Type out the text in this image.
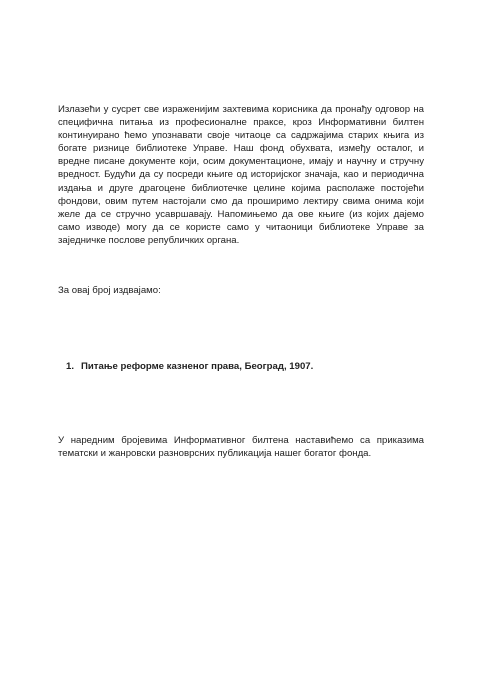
Излазећи у сусрет све израженијим захтевима корисника да пронађу одговор на специфична питања из професионалне праксе, кроз Информативни билтен континуирано ћемо упознавати своје читаоце са садржајима старих књига из богате ризнице библиотеке Управе. Наш фонд обухвата, између осталог, и вредне писане документе који, осим документационе, имају и научну и стручну вредност. Будући да су посреди књиге од историјског значаја, као и периодична издања и друге драгоцене библиотечке целине којима располаже постојећи фондови, овим путем настојали смо да проширимо лектиру свима онима који желе да се стручно усавршавају. Напомињемо да ове књиге (из којих дајемо само изводе) могу да се користе само у читаоници библиотеке Управе за заједничке послове републичких органа.

За овај број издвајамо:

1. Питање реформе казненог права, Београд, 1907.

У наредним бројевима Информативног билтена наставићемо са приказима тематски и жанровски разноврсних публикација нашег богатог фонда.
